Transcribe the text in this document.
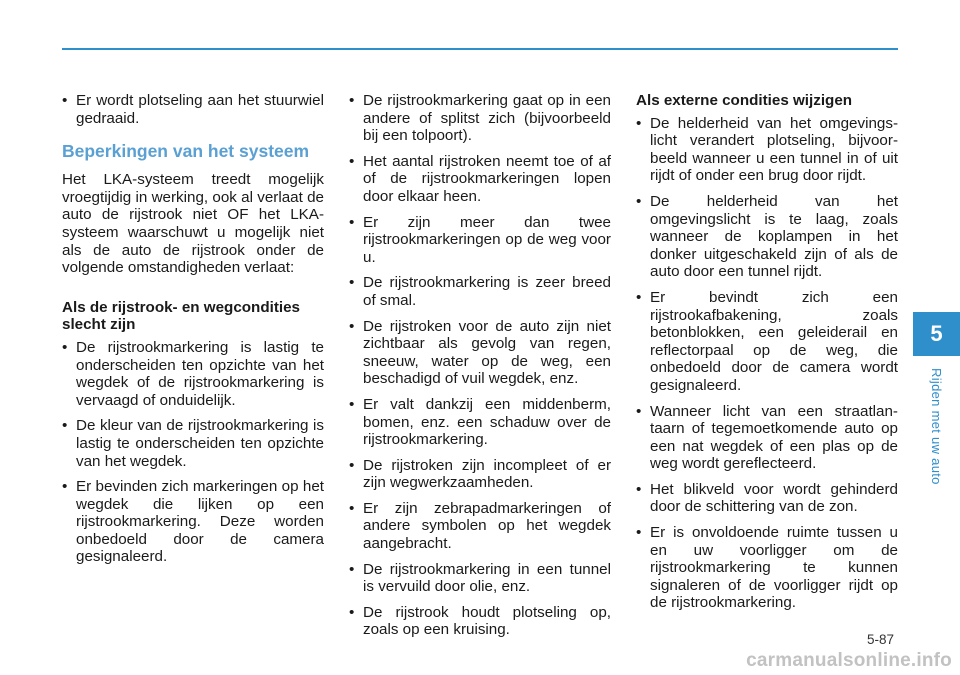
• Er wordt plotseling aan het stuurwiel gedraaid.
Beperkingen van het systeem

Het LKA-systeem treedt mogelijk vroegtijdig in werking, ook al verlaat de auto de rijstrook niet OF het LKA-systeem waarschuwt u mogelijk niet als de auto de rijstrook onder de volgende omstandigheden verlaat:

Als de rijstrook- en wegcondities slecht zijn
• De rijstrookmarkering is lastig te onderscheiden ten opzichte van het wegdek of de rijstrookmarkering is vervaagd of onduidelijk.
• De kleur van de rijstrookmarkering is lastig te onderscheiden ten opzichte van het wegdek.
• Er bevinden zich markeringen op het wegdek die lijken op een rijstrookmarkering. Deze worden onbedoeld door de camera gesignaleerd.
• De rijstrookmarkering gaat op in een andere of splitst zich (bijvoorbeeld bij een tolpoort).
• Het aantal rijstroken neemt toe of af of de rijstrookmarkeringen lopen door elkaar heen.
• Er zijn meer dan twee rijstrookmarkeringen op de weg voor u.
• De rijstrookmarkering is zeer breed of smal.
• De rijstroken voor de auto zijn niet zichtbaar als gevolg van regen, sneeuw, water op de weg, een beschadigd of vuil wegdek, enz.
• Er valt dankzij een middenberm, bomen, enz. een schaduw over de rijstrookmarkering.
• De rijstroken zijn incompleet of er zijn wegwerkzaamheden.
• Er zijn zebrapadmarkeringen of andere symbolen op het wegdek aangebracht.
• De rijstrookmarkering in een tunnel is vervuild door olie, enz.
• De rijstrook houdt plotseling op, zoals op een kruising.
Als externe condities wijzigen
• De helderheid van het omgevings-licht verandert plotseling, bijvoor-beeld wanneer u een tunnel in of uit rijdt of onder een brug door rijdt.
• De helderheid van het omgevingslicht is te laag, zoals wanneer de koplampen in het donker uitgeschakeld zijn of als de auto door een tunnel rijdt.
• Er bevindt zich een rijstrookafbakening, zoals betonblokken, een geleiderail en reflectorpaal op de weg, die onbedoeld door de camera wordt gesignaleerd.
• Wanneer licht van een straatlan-taarn of tegemoetkomende auto op een nat wegdek of een plas op de weg wordt gereflecteerd.
• Het blikveld voor wordt gehinderd door de schittering van de zon.
• Er is onvoldoende ruimte tussen u en uw voorligger om de rijstrookmarkering te kunnen signaleren of de voorligger rijdt op de rijstrookmarkering.
5
Rijden met uw auto
5-87
carmanualsonline.info
